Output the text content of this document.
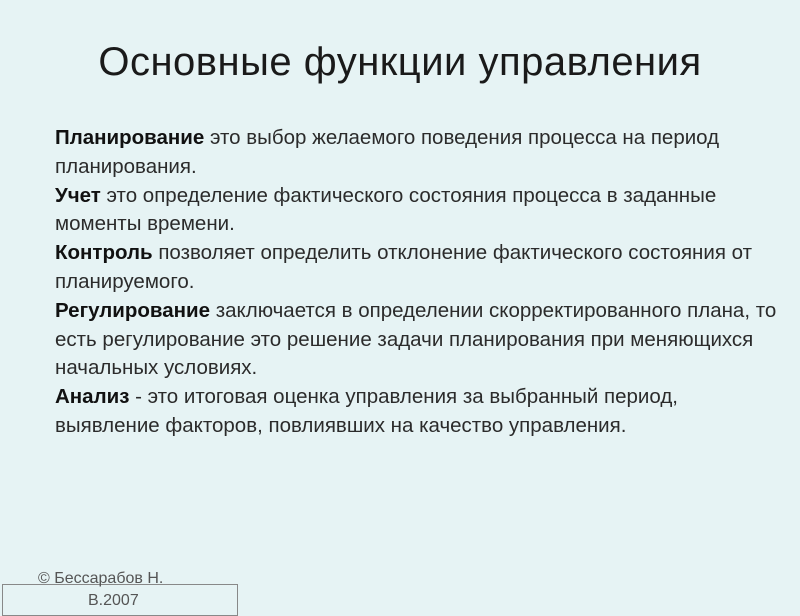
Основные функции управления

Планирование это выбор желаемого поведения процесса на период планирования.

Учет это определение фактического состояния процесса в заданные моменты времени.

Контроль позволяет определить отклонение фактического состояния от планируемого.

Регулирование заключается в определении скорректированного плана, то есть регулирование это решение задачи планирования при меняющихся начальных условиях.

Анализ - это итоговая оценка управления за выбранный период, выявление факторов, повлиявших на качество управления.

© Бессарабов Н.
В.2007
